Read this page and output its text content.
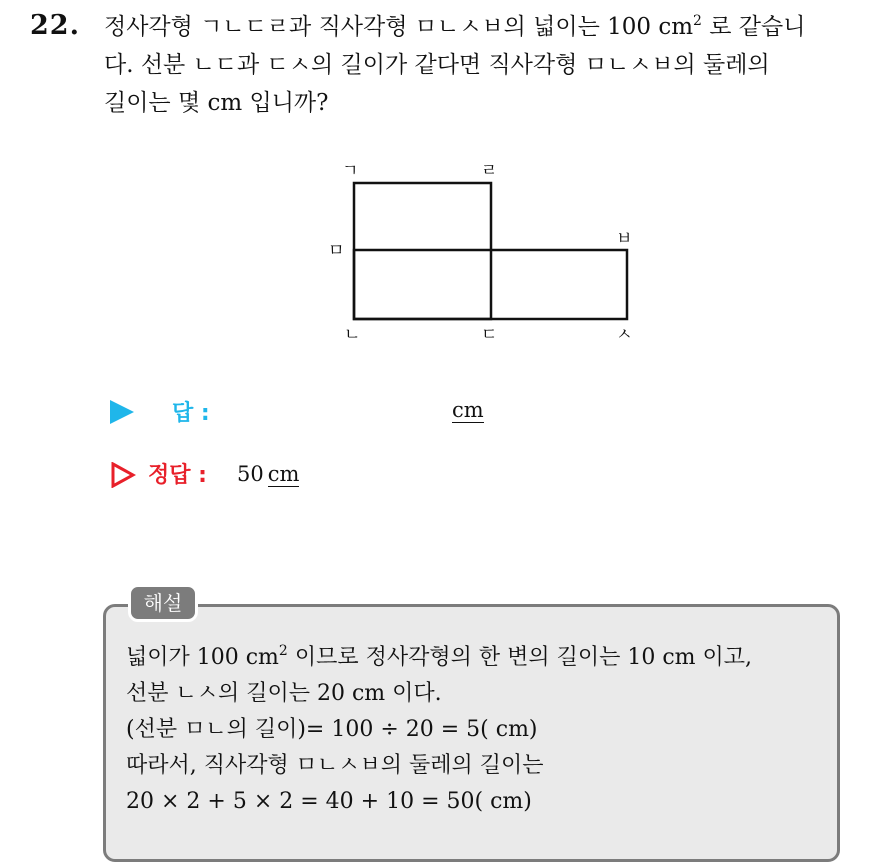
22. 정사각형 ㄱㄴㄷㄹ과 직사각형 ㅁㄴㅅㅂ의 넓이는 100 $cm^2$ 로 같습니
다. 선분 ㄴㄷ과 ㄷㅅ의 길이가 같다면 직사각형 ㅁㄴㅅㅂ의 둘레의
길이는 몇 cm 입니까?
ㄱ	ㄹ
ㅁ
ㅂ
ㄴ	ㄷ	ㅅ
답 :	cm
정답 : 50 cm
해설
넓이가 100 $cm^2$ 이므로 정사각형의 한 변의 길이는 10 cm 이고,
선분 ㄴㅅ의 길이는 20 cm 이다.
(선분 ㅁㄴ의 길이)= 100 ÷ 20 = 5( cm)
따라서, 직사각형 ㅁㄴㅅㅂ의 둘레의 길이는
20 × 2 + 5 × 2 = 40 + 10 = 50( cm)
